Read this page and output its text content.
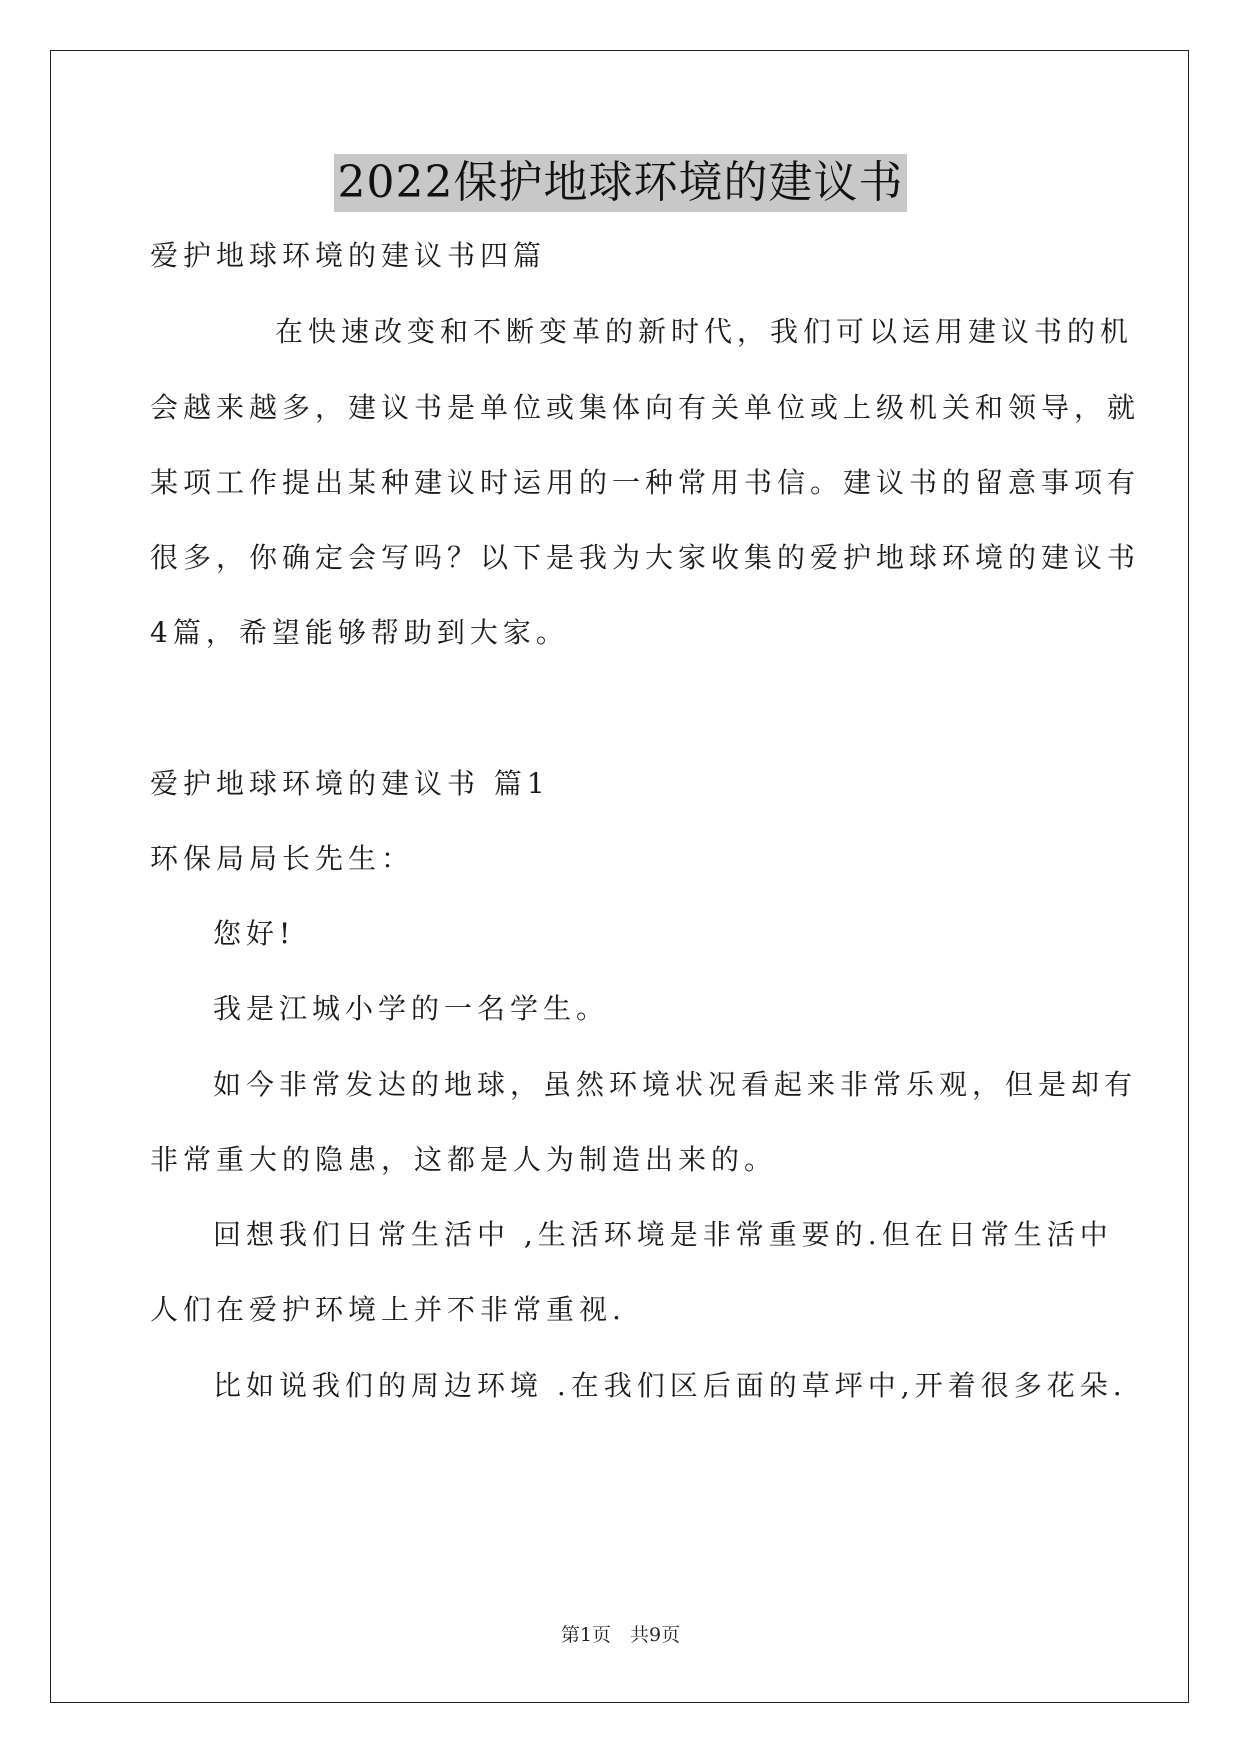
2022保护地球环境的建议书
爱护地球环境的建议书四篇
在快速改变和不断变革的新时代，我们可以运用建议书的机
会越来越多，建议书是单位或集体向有关单位或上级机关和领导，就
某项工作提出某种建议时运用的一种常用书信。建议书的留意事项有
很多，你确定会写吗？以下是我为大家收集的爱护地球环境的建议书
4篇，希望能够帮助到大家。
爱护地球环境的建议书 篇1
环保局局长先生：
您好!
我是江城小学的一名学生。
如今非常发达的地球，虽然环境状况看起来非常乐观，但是却有
非常重大的隐患，这都是人为制造出来的。
回想我们日常生活中 ,生活环境是非常重要的.但在日常生活中
人们在爱护环境上并不非常重视.
比如说我们的周边环境 .在我们区后面的草坪中,开着很多花朵.
第1页　共9页
